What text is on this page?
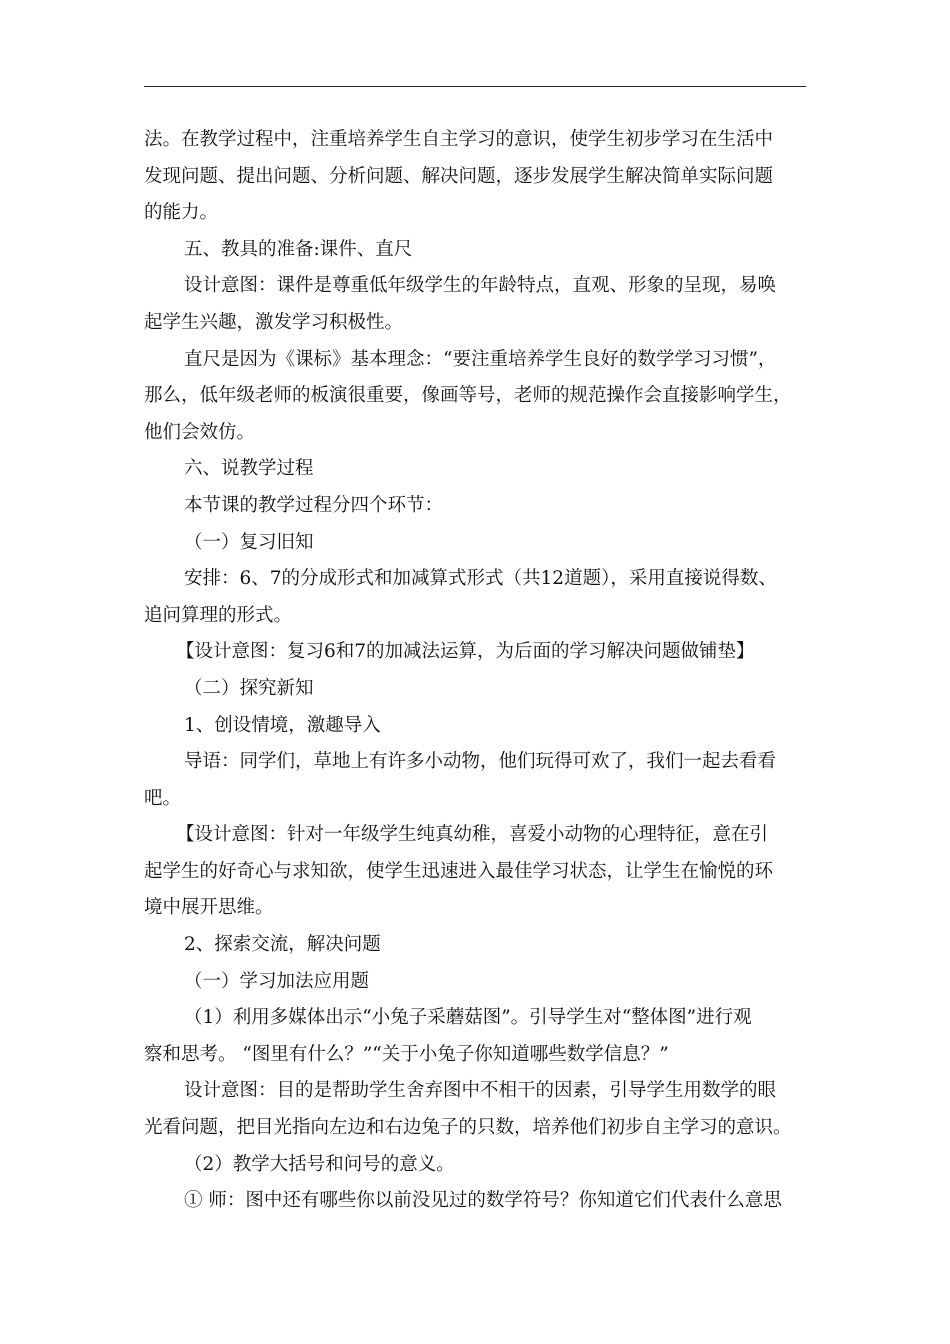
法。在教学过程中，注重培养学生自主学习的意识，使学生初步学习在生活中

发现问题、提出问题、分析问题、解决问题，逐步发展学生解决简单实际问题

的能力。

五、教具的准备:课件、直尺

设计意图：课件是尊重低年级学生的年龄特点，直观、形象的呈现，易唤

起学生兴趣，激发学习积极性。

直尺是因为《课标》基本理念：“要注重培养学生良好的数学学习习惯”，

那么，低年级老师的板演很重要，像画等号，老师的规范操作会直接影响学生，

他们会效仿。

六、说教学过程

本节课的教学过程分四个环节：

（一）复习旧知

安排：6、7的分成形式和加减算式形式（共12道题），采用直接说得数、

追问算理的形式。

【设计意图：复习6和7的加减法运算，为后面的学习解决问题做铺垫】

（二）探究新知

1、创设情境，激趣导入

导语：同学们，草地上有许多小动物，他们玩得可欢了，我们一起去看看

吧。

【设计意图：针对一年级学生纯真幼稚，喜爱小动物的心理特征，意在引

起学生的好奇心与求知欲，使学生迅速进入最佳学习状态，让学生在愉悦的环

境中展开思维。

2、探索交流，解决问题

（一）学习加法应用题

（1）利用多媒体出示“小兔子采蘑菇图”。引导学生对“整体图”进行观

察和思考。 “图里有什么？”“关于小兔子你知道哪些数学信息？”

设计意图：目的是帮助学生舍弃图中不相干的因素，引导学生用数学的眼

光看问题，把目光指向左边和右边兔子的只数，培养他们初步自主学习的意识。

（2）教学大括号和问号的意义。

① 师：图中还有哪些你以前没见过的数学符号？你知道它们代表什么意思
